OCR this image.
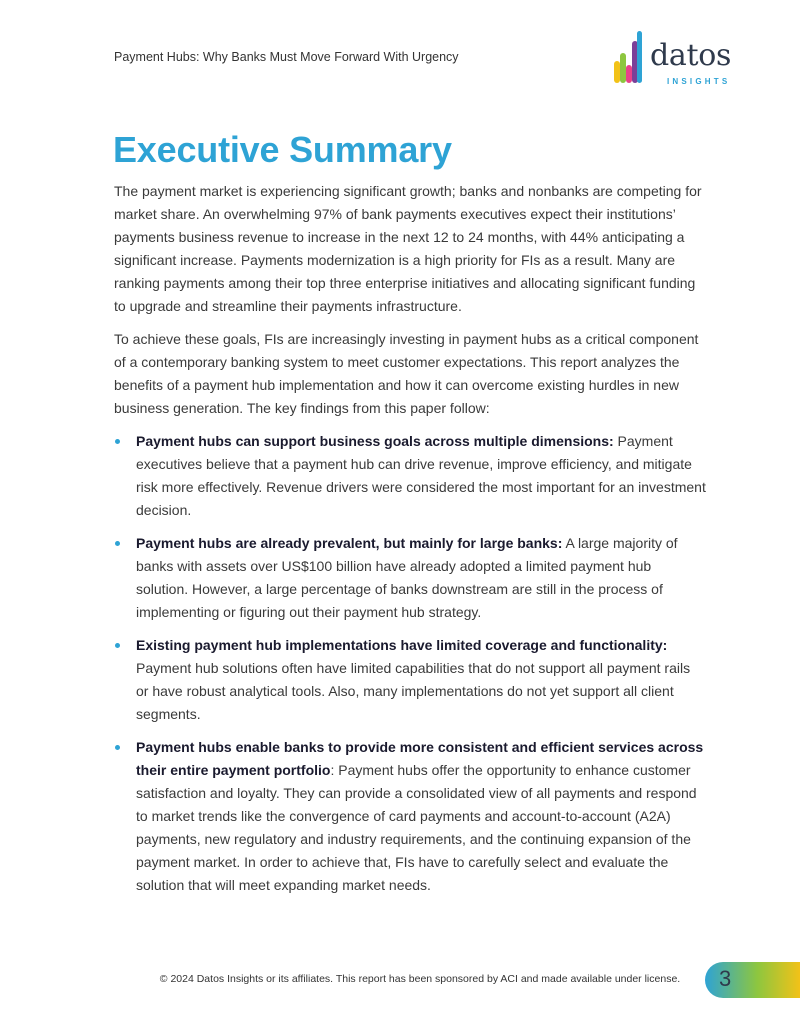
Payment Hubs: Why Banks Must Move Forward With Urgency	datos
INSIGHTS
Executive Summary

The payment market is experiencing significant growth; banks and nonbanks are competing for market share. An overwhelming 97% of bank payments executives expect their institutions’ payments business revenue to increase in the next 12 to 24 months, with 44% anticipating a significant increase. Payments modernization is a high priority for FIs as a result. Many are ranking payments among their top three enterprise initiatives and allocating significant funding to upgrade and streamline their payments infrastructure.

To achieve these goals, FIs are increasingly investing in payment hubs as a critical component of a contemporary banking system to meet customer expectations. This report analyzes the benefits of a payment hub implementation and how it can overcome existing hurdles in new business generation. The key findings from this paper follow:

Payment hubs can support business goals across multiple dimensions: Payment executives believe that a payment hub can drive revenue, improve efficiency, and mitigate risk more effectively. Revenue drivers were considered the most important for an investment decision.
Payment hubs are already prevalent, but mainly for large banks: A large majority of banks with assets over US$100 billion have already adopted a limited payment hub solution. However, a large percentage of banks downstream are still in the process of implementing or figuring out their payment hub strategy.
Existing payment hub implementations have limited coverage and functionality: Payment hub solutions often have limited capabilities that do not support all payment rails or have robust analytical tools. Also, many implementations do not yet support all client segments.
Payment hubs enable banks to provide more consistent and efficient services across their entire payment portfolio: Payment hubs offer the opportunity to enhance customer satisfaction and loyalty. They can provide a consolidated view of all payments and respond to market trends like the convergence of card payments and account-to-account (A2A) payments, new regulatory and industry requirements, and the continuing expansion of the payment market. In order to achieve that, FIs have to carefully select and evaluate the solution that will meet expanding market needs.
© 2024 Datos Insights or its affiliates. This report has been sponsored by ACI and made available under license.	3
